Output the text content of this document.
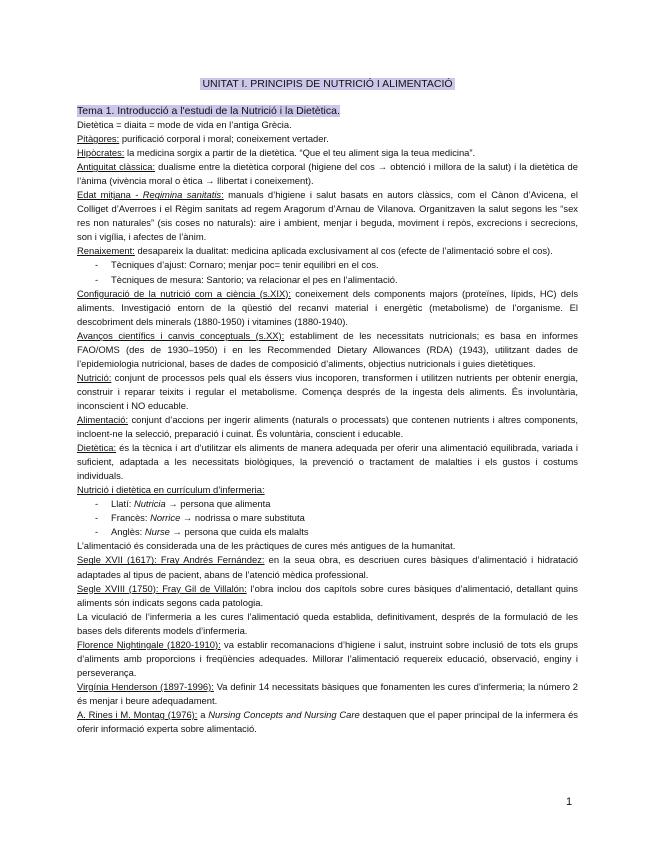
UNITAT I. PRINCIPIS DE NUTRICIÓ I ALIMENTACIÓ

Tema 1. Introducció a l'estudi de la Nutrició i la Dietètica.

Dietètica = diaita = mode de vida en l’antiga Grècia.

Pitàgores: purificació corporal i moral; coneixement vertader.

Hipòcrates: la medicina sorgix a partir de la dietètica. “Que el teu aliment siga la teua medicina”.

Antiguitat clàssica: dualisme entre la dietètica corporal (higiene del cos → obtenció i millora de la salut) i la dietètica de l’ànima (vivència moral o ètica → llibertat i coneixement).

Edat mitjana - Regimina sanitatis: manuals d’higiene i salut basats en autors clàssics, com el Cànon d’Avicena, el Colliget d’Averroes i el Règim sanitats ad regem Aragorum d’Arnau de Vilanova. Organitzaven la salut segons les “sex res non naturales” (sis coses no naturals): aire i ambient, menjar i beguda, moviment i repòs, excrecions i secrecions, son i vigília, i afectes de l’ànim.

Renaixement: desapareix la dualitat: medicina aplicada exclusivament al cos (efecte de l’alimentació sobre el cos).

- Tècniques d’ajust: Cornaro; menjar poc= tenir equilibri en el cos.
- Tècniques de mesura: Santorio; va relacionar el pes en l’alimentació.

Configuració de la nutrició com a ciència (s.XIX): coneixement dels components majors (proteïnes, lípids, HC) dels aliments. Investigació entorn de la qüestió del recanvi material i energètic (metabolisme) de l’organisme. El descobriment dels minerals (1880-1950) i vitamines (1880-1940).

Avanços científics i canvis conceptuals (s.XX): establiment de les necessitats nutricionals; es basa en informes FAO/OMS (des de 1930–1950) i en les Recommended Dietary Allowances (RDA) (1943), utilitzant dades de l’epidemiologia nutricional, bases de dades de composició d’aliments, objectius nutricionals i guies dietètiques.

Nutrició: conjunt de processos pels qual els éssers vius incoporen, transformen i utilitzen nutrients per obtenir energia, construir i reparar teixits i regular el metabolisme. Comença després de la ingesta dels aliments. És involuntària, inconscient i NO educable.

Alimentació: conjunt d’accions per ingerir aliments (naturals o processats) que contenen nutrients i altres components, incloent-ne la selecció, preparació i cuinat. És voluntària, conscient i educable.

Dietètica: és la tècnica i art d’utilitzar els aliments de manera adequada per oferir una alimentació equilibrada, variada i suficient, adaptada a les necessitats biològiques, la prevenció o tractament de malalties i els gustos i costums individuals.

Nutrició i dietètica en currículum d’infermeria:

- Llatí: Nutricia → persona que alimenta
- Francès: Norrice → nodrissa o mare substituta
- Anglès: Nurse → persona que cuida els malalts

L’alimentació és considerada una de les pràctiques de cures més antigues de la humanitat.

Segle XVII (1617): Fray Andrés Fernández: en la seua obra, es descriuen cures bàsiques d’alimentació i hidratació adaptades al tipus de pacient, abans de l’atenció mèdica professional.

Segle XVIII (1750): Fray Gil de Villalón: l’obra inclou dos capítols sobre cures bàsiques d’alimentació, detallant quins aliments són indicats segons cada patologia.

La viculació de l’infermeria a les cures l’alimentació queda establida, definitivament, després de la formulació de les bases dels diferents models d’infermeria.

Florence Nightingale (1820-1910): va establir recomanacions d’higiene i salut, instruint sobre inclusió de tots els grups d’aliments amb proporcions i freqüències adequades. Millorar l’alimentació requereix educació, observació, enginy i perseverança.

Virgínia Henderson (1897-1996): Va definir 14 necessitats bàsiques que fonamenten les cures d’infermeria; la número 2 és menjar i beure adequadament.

A. Rines i M. Montag (1976): a Nursing Concepts and Nursing Care destaquen que el paper principal de la infermera és oferir informació experta sobre alimentació.

1
